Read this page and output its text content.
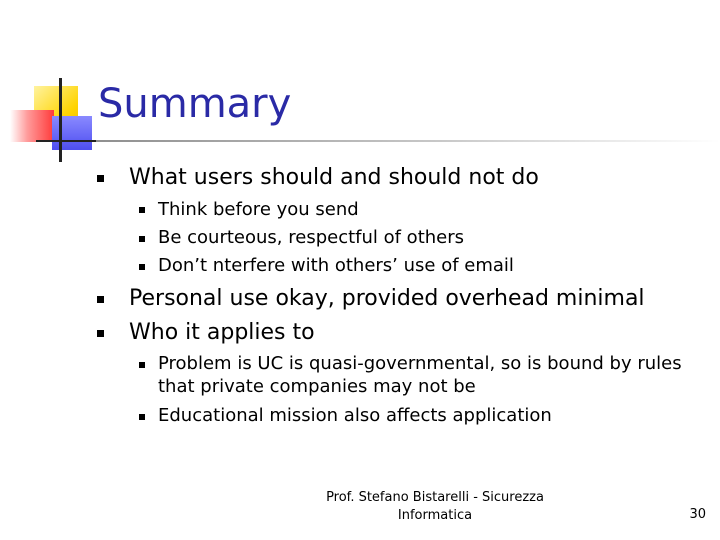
Summary
What users should and should not do
Think before you send
Be courteous, respectful of others
Don’t nterfere with others’ use of email
Personal use okay, provided overhead minimal
Who it applies to
Problem is UC is quasi-governmental, so is bound by rules
that private companies may not be
Educational mission also affects application
Prof. Stefano Bistarelli - Sicurezza
Informatica	30
